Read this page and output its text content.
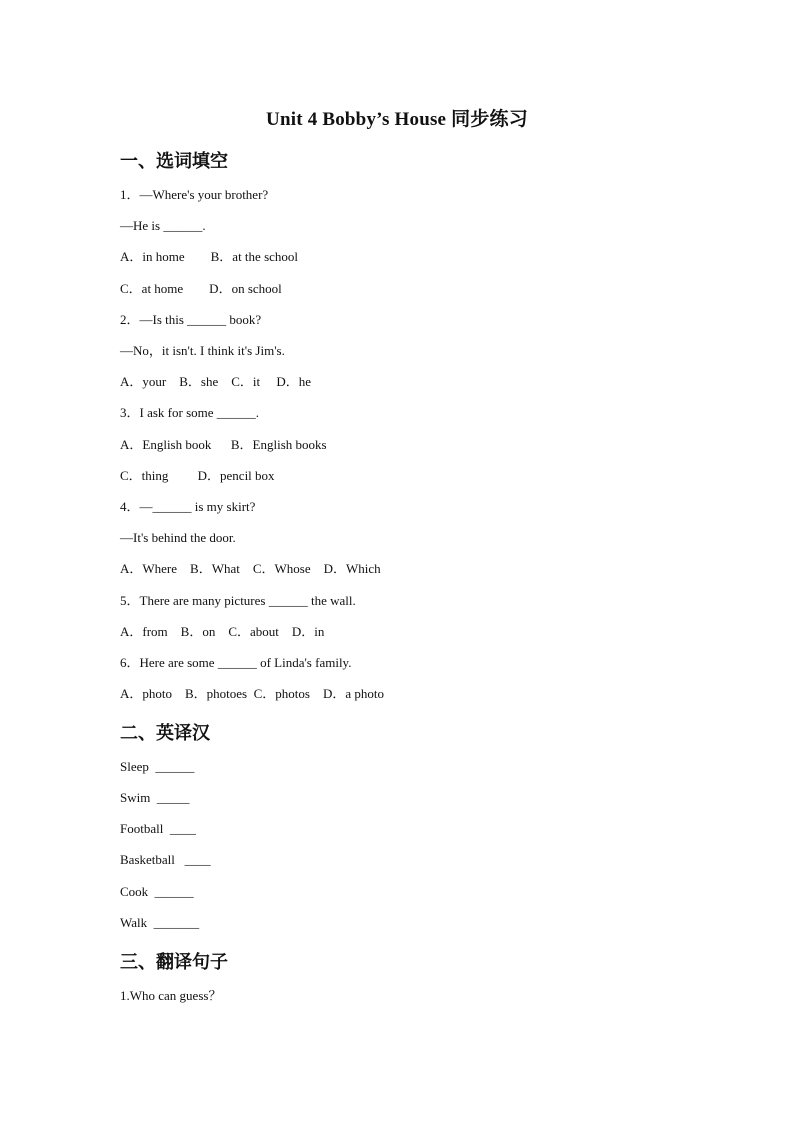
Unit 4 Bobby’s House 同步练习
一、选词填空
1．—Where's your brother?
—He is ______.
A．in home        B．at the school
C．at home        D．on school
2．—Is this ______ book?
—No，it isn't. I think it's Jim's.
A．your    B．she    C．it     D．he
3．I ask for some ______.
A．English book      B．English books
C．thing         D．pencil box
4．—______ is my skirt?
—It's behind the door.
A．Where    B．What    C．Whose    D．Which
5．There are many pictures ______ the wall.
A．from    B．on    C．about    D．in
6．Here are some ______ of Linda's family.
A．photo    B．photoes  C．photos    D．a photo
二、英译汉
Sleep  ______
Swim  _____
Football  ____
Basketball   ____
Cook  ______
Walk  _______
三、翻译句子
1.Who can guess？
